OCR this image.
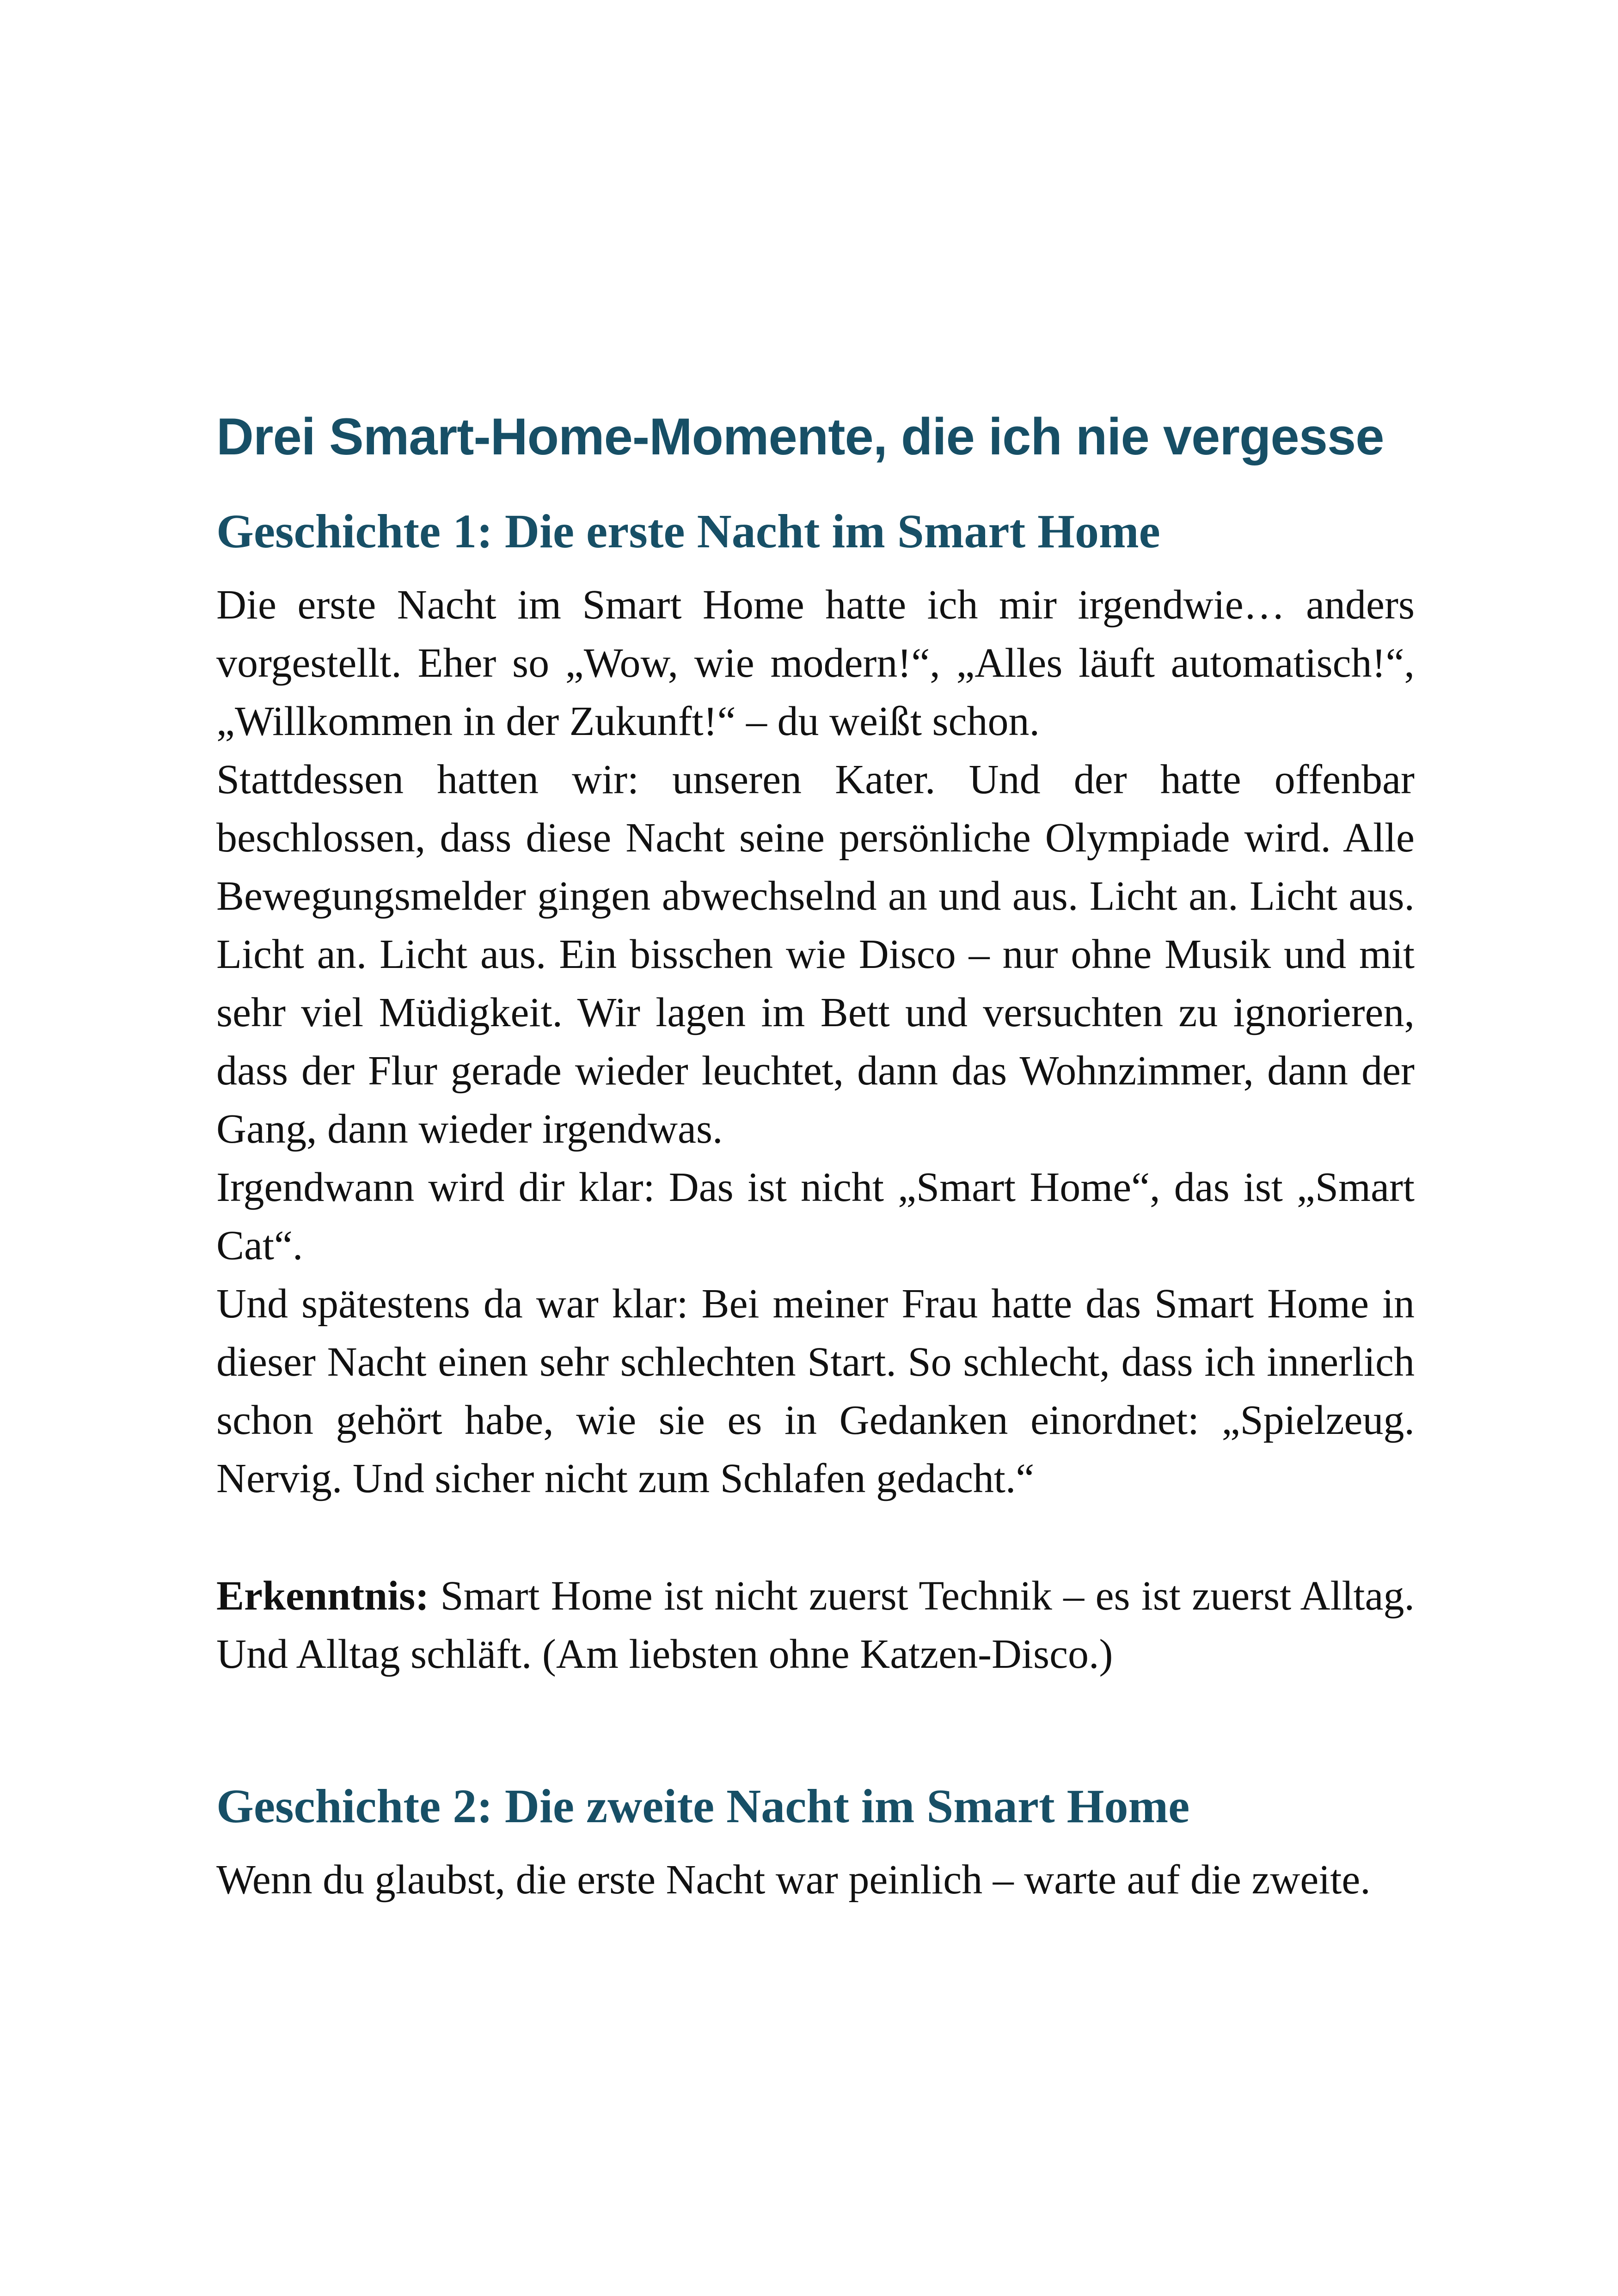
Drei Smart-Home-Momente, die ich nie vergesse
Geschichte 1: Die erste Nacht im Smart Home

Die erste Nacht im Smart Home hatte ich mir irgendwie… anders vorgestellt. Eher so „Wow, wie modern!“, „Alles läuft automatisch!“, „Willkommen in der Zukunft!“ – du weißt schon.

Stattdessen hatten wir: unseren Kater. Und der hatte offenbar beschlossen, dass diese Nacht seine persönliche Olympiade wird. Alle Bewegungsmelder gingen abwechselnd an und aus. Licht an. Licht aus. Licht an. Licht aus. Ein bisschen wie Disco – nur ohne Musik und mit sehr viel Müdigkeit. Wir lagen im Bett und versuchten zu ignorieren, dass der Flur gerade wieder leuchtet, dann das Wohnzimmer, dann der Gang, dann wieder irgendwas.

Irgendwann wird dir klar: Das ist nicht „Smart Home“, das ist „Smart Cat“.

Und spätestens da war klar: Bei meiner Frau hatte das Smart Home in dieser Nacht einen sehr schlechten Start. So schlecht, dass ich innerlich schon gehört habe, wie sie es in Gedanken einordnet: „Spielzeug. Nervig. Und sicher nicht zum Schlafen gedacht.“

Erkenntnis: Smart Home ist nicht zuerst Technik – es ist zuerst Alltag. Und Alltag schläft. (Am liebsten ohne Katzen-Disco.)

Geschichte 2: Die zweite Nacht im Smart Home

Wenn du glaubst, die erste Nacht war peinlich – warte auf die zweite.
